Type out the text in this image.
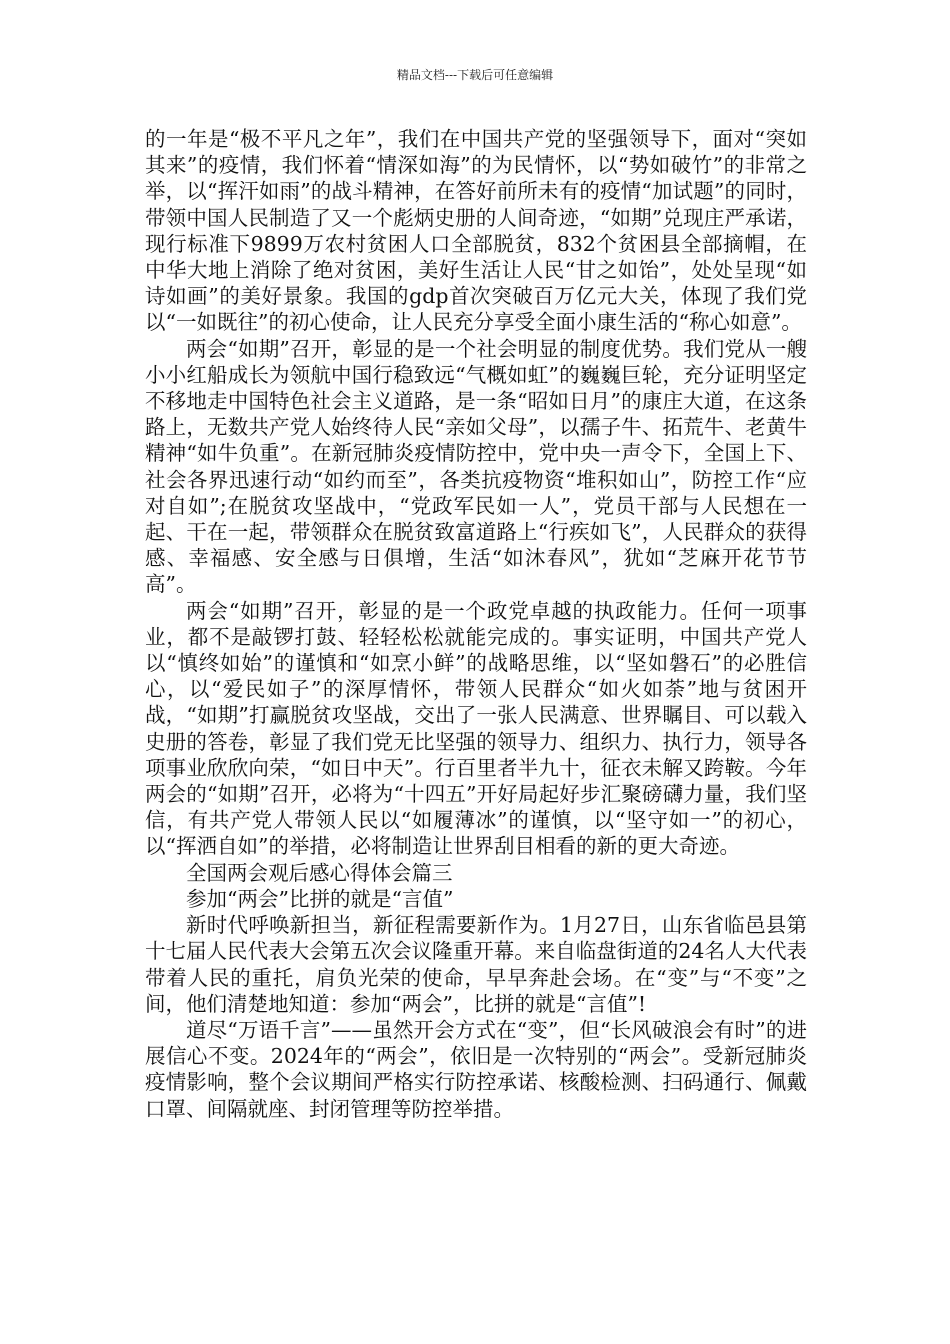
精品文档---下载后可任意编辑

的一年是“极不平凡之年”，我们在中国共产党的坚强领导下，面对“突如其来”的疫情，我们怀着“情深如海”的为民情怀，以“势如破竹”的非常之举，以“挥汗如雨”的战斗精神，在答好前所未有的疫情“加试题”的同时，带领中国人民制造了又一个彪炳史册的人间奇迹，“如期”兑现庄严承诺，现行标准下9899万农村贫困人口全部脱贫，832个贫困县全部摘帽，在中华大地上消除了绝对贫困，美好生活让人民“甘之如饴”，处处呈现“如诗如画”的美好景象。我国的gdp首次突破百万亿元大关，体现了我们党以“一如既往”的初心使命，让人民充分享受全面小康生活的“称心如意”。

两会“如期”召开，彰显的是一个社会明显的制度优势。我们党从一艘小小红船成长为领航中国行稳致远“气概如虹”的巍巍巨轮，充分证明坚定不移地走中国特色社会主义道路，是一条“昭如日月”的康庄大道，在这条路上，无数共产党人始终待人民“亲如父母”，以孺子牛、拓荒牛、老黄牛精神“如牛负重”。在新冠肺炎疫情防控中，党中央一声令下，全国上下、社会各界迅速行动“如约而至”，各类抗疫物资“堆积如山”，防控工作“应对自如”;在脱贫攻坚战中，“党政军民如一人”，党员干部与人民想在一起、干在一起，带领群众在脱贫致富道路上“行疾如飞”，人民群众的获得感、幸福感、安全感与日俱增，生活“如沐春风”，犹如“芝麻开花节节高”。

两会“如期”召开，彰显的是一个政党卓越的执政能力。任何一项事业，都不是敲锣打鼓、轻轻松松就能完成的。事实证明，中国共产党人以“慎终如始”的谨慎和“如烹小鲜”的战略思维，以“坚如磐石”的必胜信心，以“爱民如子”的深厚情怀，带领人民群众“如火如荼”地与贫困开战，“如期”打赢脱贫攻坚战，交出了一张人民满意、世界瞩目、可以载入史册的答卷，彰显了我们党无比坚强的领导力、组织力、执行力，领导各项事业欣欣向荣，“如日中天”。行百里者半九十，征衣未解又跨鞍。今年两会的“如期”召开，必将为“十四五”开好局起好步汇聚磅礴力量，我们坚信，有共产党人带领人民以“如履薄冰”的谨慎，以“坚守如一”的初心，以“挥洒自如”的举措，必将制造让世界刮目相看的新的更大奇迹。

全国两会观后感心得体会篇三

参加“两会”比拼的就是“言值”

新时代呼唤新担当，新征程需要新作为。1月27日，山东省临邑县第十七届人民代表大会第五次会议隆重开幕。来自临盘街道的24名人大代表带着人民的重托，肩负光荣的使命，早早奔赴会场。在“变”与“不变”之间，他们清楚地知道：参加“两会”，比拼的就是“言值”!

道尽“万语千言”——虽然开会方式在“变”，但“长风破浪会有时”的进展信心不变。2024年的“两会”，依旧是一次特别的“两会”。受新冠肺炎疫情影响，整个会议期间严格实行防控承诺、核酸检测、扫码通行、佩戴口罩、间隔就座、封闭管理等防控举措。
